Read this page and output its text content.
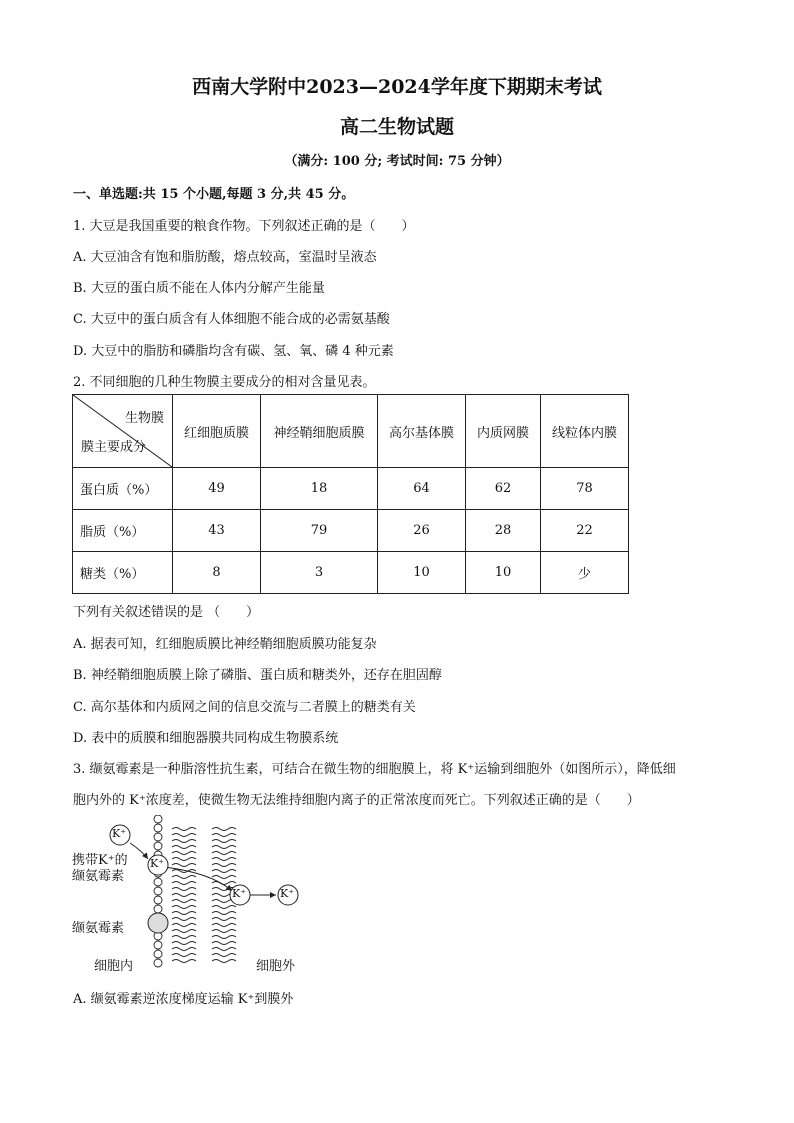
西南大学附中2023—2024学年度下期期末考试
高二生物试题
（满分: 100 分; 考试时间: 75 分钟）
一、单选题:共 15 个小题,每题 3 分,共 45 分。
1. 大豆是我国重要的粮食作物。下列叙述正确的是（　　）
A. 大豆油含有饱和脂肪酸，熔点较高，室温时呈液态
B. 大豆的蛋白质不能在人体内分解产生能量
C. 大豆中的蛋白质含有人体细胞不能合成的必需氨基酸
D. 大豆中的脂肪和磷脂均含有碳、氢、氧、磷 4 种元素
2. 不同细胞的几种生物膜主要成分的相对含量见表。
生物膜
膜主要成分	红细胞质膜	神经鞘细胞质膜	高尔基体膜	内质网膜	线粒体内膜
蛋白质（%）	49	18	64	62	78
脂质（%）	43	79	26	28	22
糖类（%）	8	3	10	10	少
下列有关叙述错误的是 （　　）
A. 据表可知，红细胞质膜比神经鞘细胞质膜功能复杂
B. 神经鞘细胞质膜上除了磷脂、蛋白质和糖类外，还存在胆固醇
C. 高尔基体和内质网之间的信息交流与二者膜上的糖类有关
D. 表中的质膜和细胞器膜共同构成生物膜系统
3. 缬氨霉素是一种脂溶性抗生素，可结合在微生物的细胞膜上，将 K⁺运输到细胞外（如图所示），降低细
胞内外的 K⁺浓度差，使微生物无法维持细胞内离子的正常浓度而死亡。下列叙述正确的是（　　）
K⁺
K⁺
K⁺	K⁺
携带K⁺的
缬氨霉素
缬氨霉素
细胞内	细胞外
A. 缬氨霉素逆浓度梯度运输 K⁺到膜外
